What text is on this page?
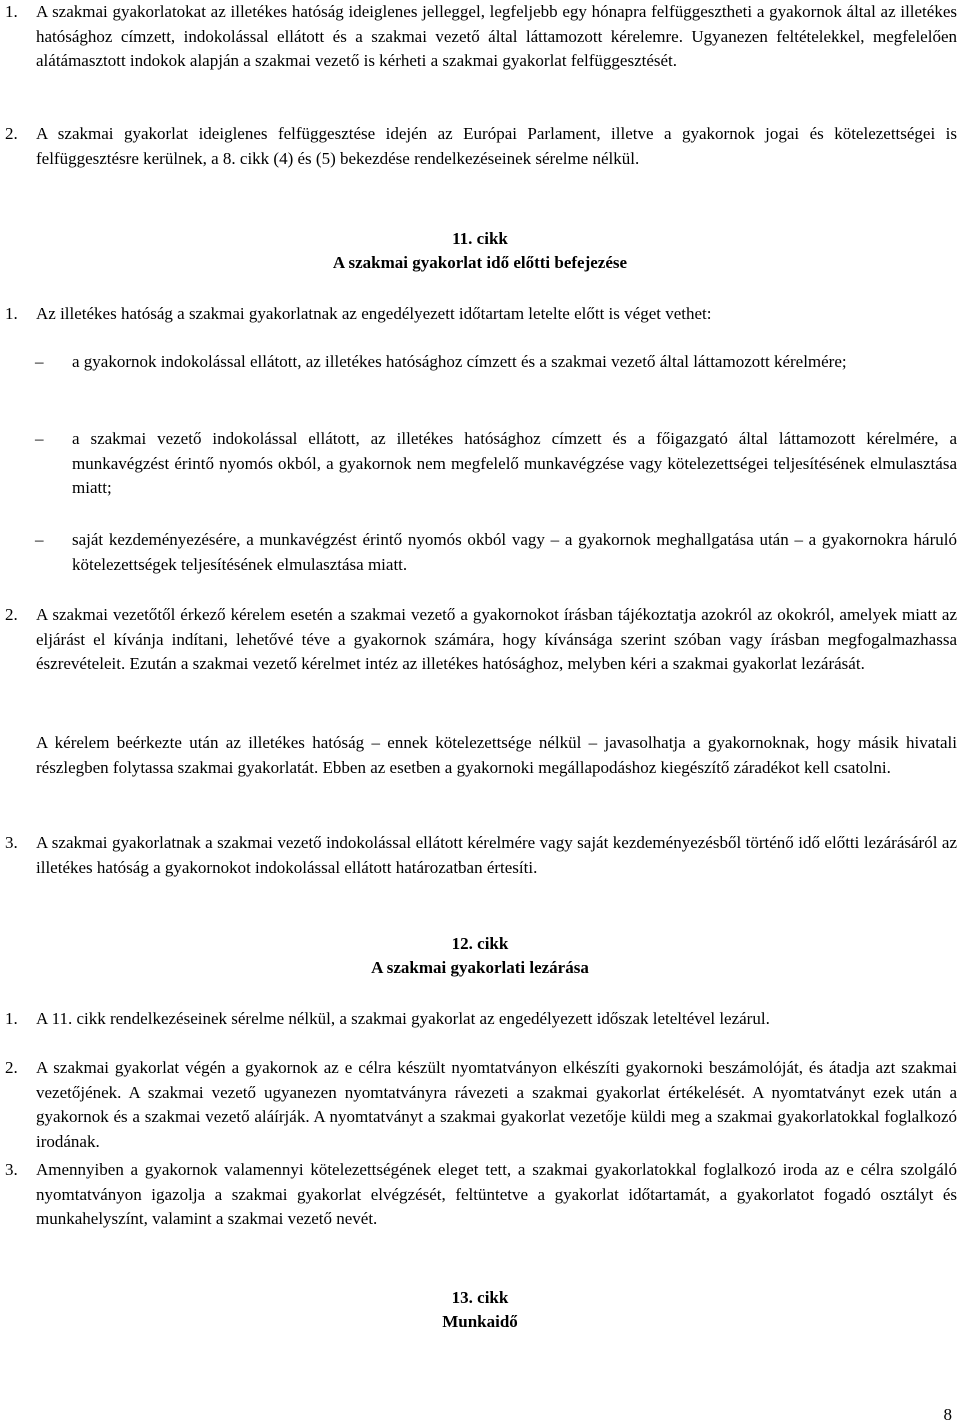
1. A szakmai gyakorlatokat az illetékes hatóság ideiglenes jelleggel, legfeljebb egy hónapra felfüggesztheti a gyakornok által az illetékes hatósághoz címzett, indokolással ellátott és a szakmai vezető által láttamozott kérelemre. Ugyanezen feltételekkel, megfelelően alátámasztott indokok alapján a szakmai vezető is kérheti a szakmai gyakorlat felfüggesztését.

2. A szakmai gyakorlat ideiglenes felfüggesztése idején az Európai Parlament, illetve a gyakornok jogai és kötelezettségei is felfüggesztésre kerülnek, a 8. cikk (4) és (5) bekezdése rendelkezéseinek sérelme nélkül.

11. cikk

A szakmai gyakorlat idő előtti befejezése

1. Az illetékes hatóság a szakmai gyakorlatnak az engedélyezett időtartam letelte előtt is véget vethet:

–	a gyakornok indokolással ellátott, az illetékes hatósághoz címzett és a szakmai vezető által láttamozott kérelmére;
–	a szakmai vezető indokolással ellátott, az illetékes hatósághoz címzett és a főigazgató által láttamozott kérelmére, a munkavégzést érintő nyomós okból, a gyakornok nem megfelelő munkavégzése vagy kötelezettségei teljesítésének elmulasztása miatt;
–	saját kezdeményezésére, a munkavégzést érintő nyomós okból vagy – a gyakornok meghallgatása után – a gyakornokra háruló kötelezettségek teljesítésének elmulasztása miatt.

2. A szakmai vezetőtől érkező kérelem esetén a szakmai vezető a gyakornokot írásban tájékoztatja azokról az okokról, amelyek miatt az eljárást el kívánja indítani, lehetővé téve a gyakornok számára, hogy kívánsága szerint szóban vagy írásban megfogalmazhassa észrevételeit. Ezután a szakmai vezető kérelmet intéz az illetékes hatósághoz, melyben kéri a szakmai gyakorlat lezárását.

A kérelem beérkezte után az illetékes hatóság – ennek kötelezettsége nélkül – javasolhatja a gyakornoknak, hogy másik hivatali részlegben folytassa szakmai gyakorlatát. Ebben az esetben a gyakornoki megállapodáshoz kiegészítő záradékot kell csatolni.

3. A szakmai gyakorlatnak a szakmai vezető indokolással ellátott kérelmére vagy saját kezdeményezésből történő idő előtti lezárásáról az illetékes hatóság a gyakornokot indokolással ellátott határozatban értesíti.

12. cikk

A szakmai gyakorlati lezárása

1. A 11. cikk rendelkezéseinek sérelme nélkül, a szakmai gyakorlat az engedélyezett időszak leteltével lezárul.

2. A szakmai gyakorlat végén a gyakornok az e célra készült nyomtatványon elkészíti gyakornoki beszámolóját, és átadja azt szakmai vezetőjének. A szakmai vezető ugyanezen nyomtatványra rávezeti a szakmai gyakorlat értékelését. A nyomtatványt ezek után a gyakornok és a szakmai vezető aláírják. A nyomtatványt a szakmai gyakorlat vezetője küldi meg a szakmai gyakorlatokkal foglalkozó irodának.

3. Amennyiben a gyakornok valamennyi kötelezettségének eleget tett, a szakmai gyakorlatokkal foglalkozó iroda az e célra szolgáló nyomtatványon igazolja a szakmai gyakorlat elvégzését, feltüntetve a gyakorlat időtartamát, a gyakorlatot fogadó osztályt és munkahelyszínt, valamint a szakmai vezető nevét.

13. cikk

Munkaidő

8
